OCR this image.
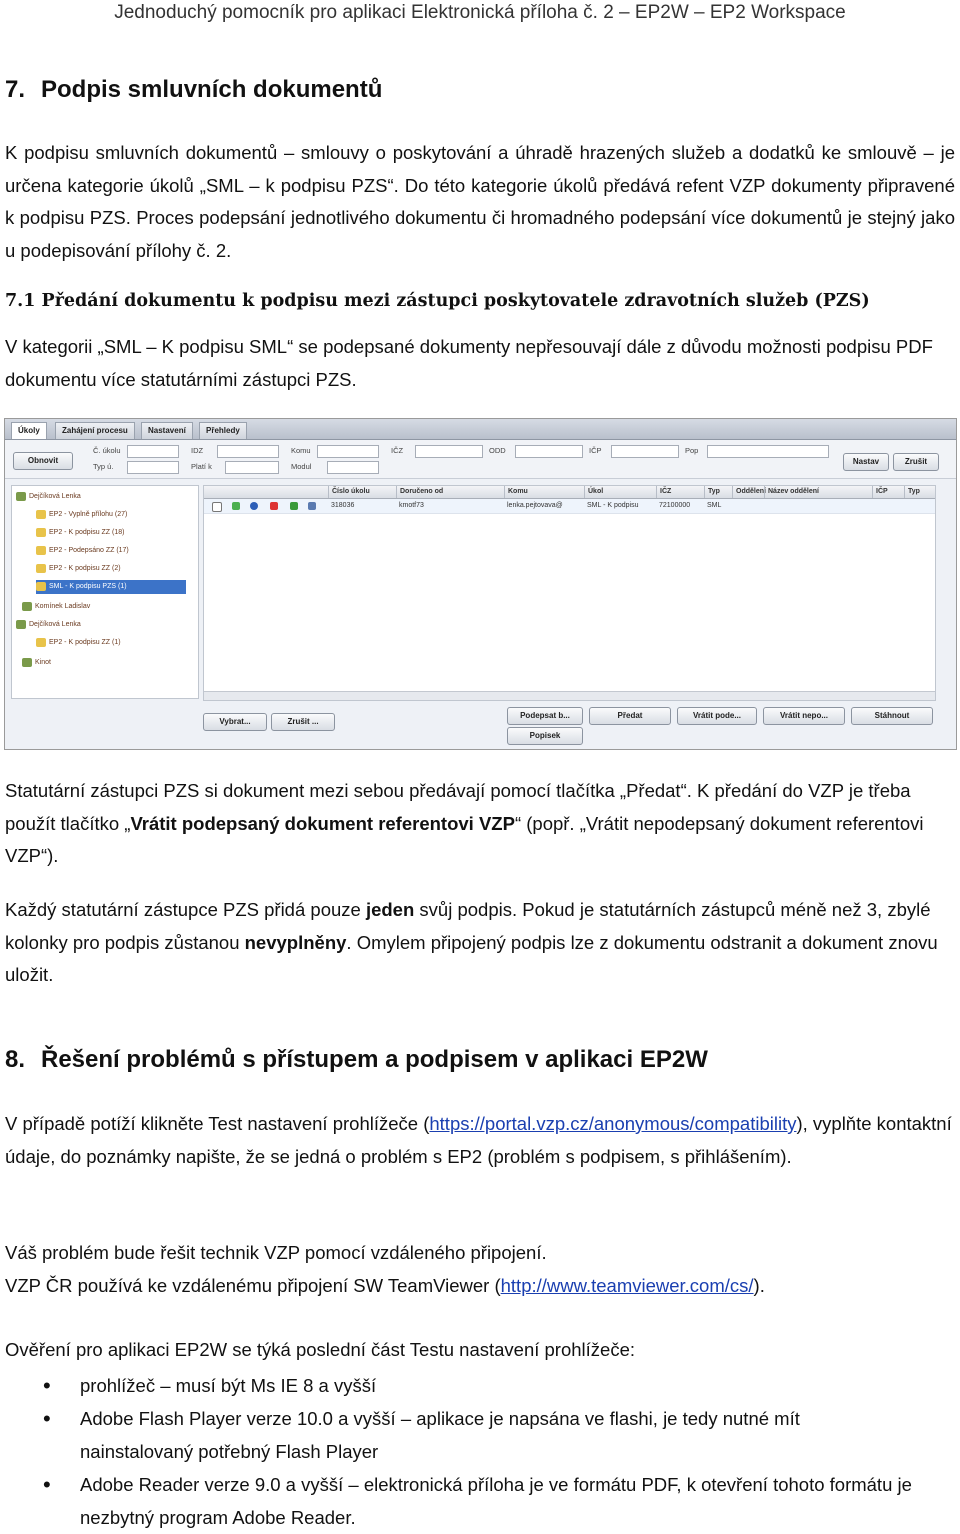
Jednoduchý pomocník pro aplikaci Elektronická příloha č. 2 – EP2W – EP2 Workspace
7. Podpis smluvních dokumentů
K podpisu smluvních dokumentů – smlouvy o poskytování a úhradě hrazených služeb a dodatků ke smlouvě – je určena kategorie úkolů „SML – k podpisu PZS“. Do této kategorie úkolů předává refent VZP dokumenty připravené k podpisu PZS. Proces podepsání jednotlivého dokumentu či hromadného podepsání více dokumentů je stejný jako u podepisování přílohy č. 2.
7.1 Předání dokumentu k podpisu mezi zástupci poskytovatele zdravotních služeb (PZS)
V kategorii „SML – K podpisu SML“ se podepsané dokumenty nepřesouvají dále z důvodu možnosti podpisu PDF dokumentu více statutárními zástupci PZS.
Úkoly	Zahájení procesu	Nastavení	Přehledy
Obnovit
Č. úkolu
Typ ú.
IDZ
Platí k
Komu
Modul
IČZ	ODD	IČP	Pop
Nastav	Zrušit
Dejčíková Lenka
EP2 - Vyplně přílohu (27)
EP2 - K podpisu ZZ (18)
EP2 - Podepsáno ZZ (17)
EP2 - K podpisu ZZ (2)
SML - K podpisu PZS (1)
Komínek Ladislav
Dejčíková Lenka
EP2 - K podpisu ZZ (1)
Kinot
Číslo úkolu	Doručeno od	Komu	Úkol	IČZ	Typ	Oddělení Název oddělení	IČP	Typ
318036	kmotf73	lenka.pejtovava@	SML - K podpisu	72100000	SML
Vybrat...	Zrušit ...
Podepsat b...	Předat	Vrátit pode...	Vrátit nepo...	Stáhnout
Popisek
Statutární zástupci PZS si dokument mezi sebou předávají pomocí tlačítka „Předat“. K předání do VZP je třeba použít tlačítko „Vrátit podepsaný dokument referentovi VZP“ (popř. „Vrátit nepodepsaný dokument referentovi VZP“).
Každý statutární zástupce PZS přidá pouze jeden svůj podpis. Pokud je statutárních zástupců méně než 3, zbylé kolonky pro podpis zůstanou nevyplněny. Omylem připojený podpis lze z dokumentu odstranit a dokument znovu uložit.
8. Řešení problémů s přístupem a podpisem v aplikaci EP2W
V případě potíží klikněte Test nastavení prohlížeče (https://portal.vzp.cz/anonymous/compatibility), vyplňte kontaktní údaje, do poznámky napište, že se jedná o problém s EP2 (problém s podpisem, s přihlášením).
Váš problém bude řešit technik VZP pomocí vzdáleného připojení.
VZP ČR používá ke vzdálenému připojení SW TeamViewer (http://www.teamviewer.com/cs/).
Ověření pro aplikaci EP2W se týká poslední část Testu nastavení prohlížeče:
• prohlížeč – musí být Ms IE 8 a vyšší
• Adobe Flash Player verze 10.0 a vyšší – aplikace je napsána ve flashi, je tedy nutné mít nainstalovaný potřebný Flash Player
• Adobe Reader verze 9.0 a vyšší – elektronická příloha je ve formátu PDF, k otevření tohoto formátu je nezbytný program Adobe Reader.
